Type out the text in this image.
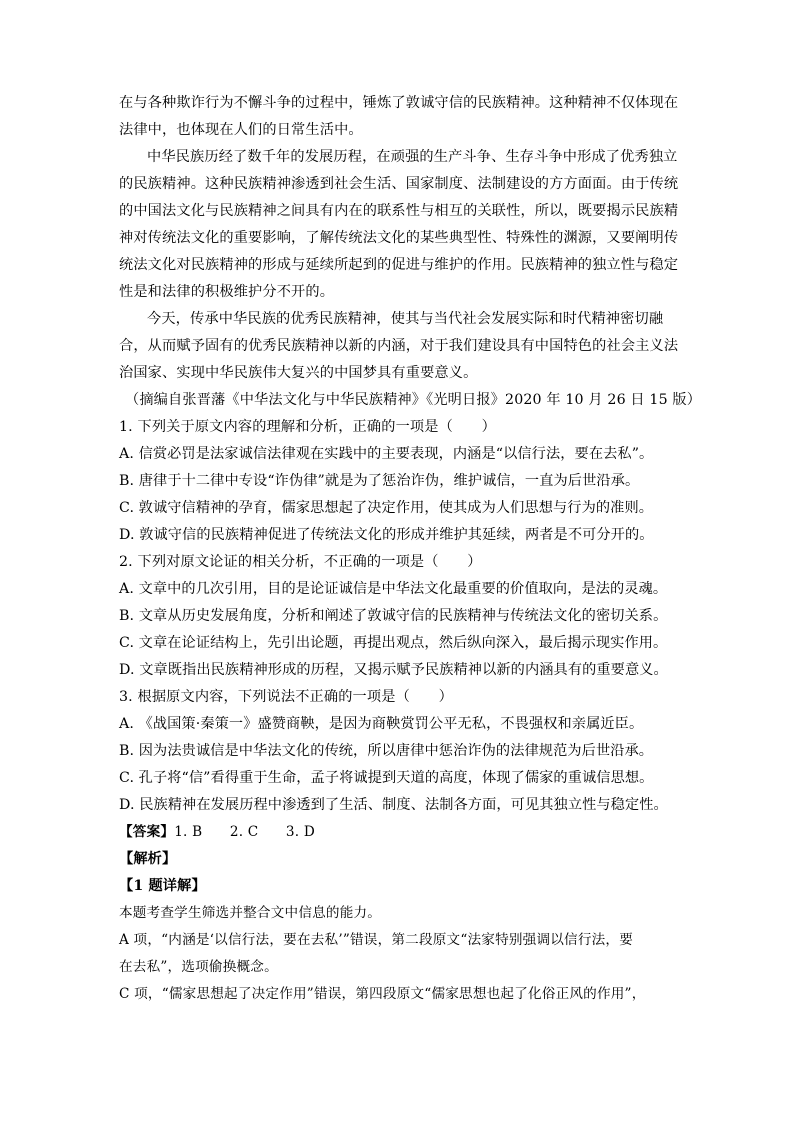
在与各种欺诈行为不懈斗争的过程中，锤炼了敦诚守信的民族精神。这种精神不仅体现在
法律中，也体现在人们的日常生活中。
中华民族历经了数千年的发展历程，在顽强的生产斗争、生存斗争中形成了优秀独立
的民族精神。这种民族精神渗透到社会生活、国家制度、法制建设的方方面面。由于传统
的中国法文化与民族精神之间具有内在的联系性与相互的关联性，所以，既要揭示民族精
神对传统法文化的重要影响，了解传统法文化的某些典型性、特殊性的渊源，又要阐明传
统法文化对民族精神的形成与延续所起到的促进与维护的作用。民族精神的独立性与稳定
性是和法律的积极维护分不开的。
今天，传承中华民族的优秀民族精神，使其与当代社会发展实际和时代精神密切融
合，从而赋予固有的优秀民族精神以新的内涵，对于我们建设具有中国特色的社会主义法
治国家、实现中华民族伟大复兴的中国梦具有重要意义。
（摘编自张晋藩《中华法文化与中华民族精神》《光明日报》2020 年 10 月 26 日 15 版）
1. 下列关于原文内容的理解和分析，正确的一项是（　　）
A. 信赏必罚是法家诚信法律观在实践中的主要表现，内涵是“以信行法，要在去私”。
B. 唐律于十二律中专设“诈伪律”就是为了惩治诈伪，维护诚信，一直为后世沿承。
C. 敦诚守信精神的孕育，儒家思想起了决定作用，使其成为人们思想与行为的准则。
D. 敦诚守信的民族精神促进了传统法文化的形成并维护其延续，两者是不可分开的。
2. 下列对原文论证的相关分析，不正确的一项是（　　）
A. 文章中的几次引用，目的是论证诚信是中华法文化最重要的价值取向，是法的灵魂。
B. 文章从历史发展角度，分析和阐述了敦诚守信的民族精神与传统法文化的密切关系。
C. 文章在论证结构上，先引出论题，再提出观点，然后纵向深入，最后揭示现实作用。
D. 文章既指出民族精神形成的历程，又揭示赋予民族精神以新的内涵具有的重要意义。
3. 根据原文内容，下列说法不正确的一项是（　　）
A. 《战国策·秦策一》盛赞商鞅，是因为商鞅赏罚公平无私，不畏强权和亲属近臣。
B. 因为法贵诚信是中华法文化的传统，所以唐律中惩治诈伪的法律规范为后世沿承。
C. 孔子将“信”看得重于生命，孟子将诚提到天道的高度，体现了儒家的重诚信思想。
D. 民族精神在发展历程中渗透到了生活、制度、法制各方面，可见其独立性与稳定性。
【答案】1. B　　2. C　　3. D
【解析】
【1 题详解】
本题考查学生筛选并整合文中信息的能力。
A 项，“内涵是‘以信行法，要在去私’”错误，第二段原文“法家特别强调以信行法，要
在去私”，选项偷换概念。
C 项，“儒家思想起了决定作用”错误，第四段原文“儒家思想也起了化俗正风的作用”，
